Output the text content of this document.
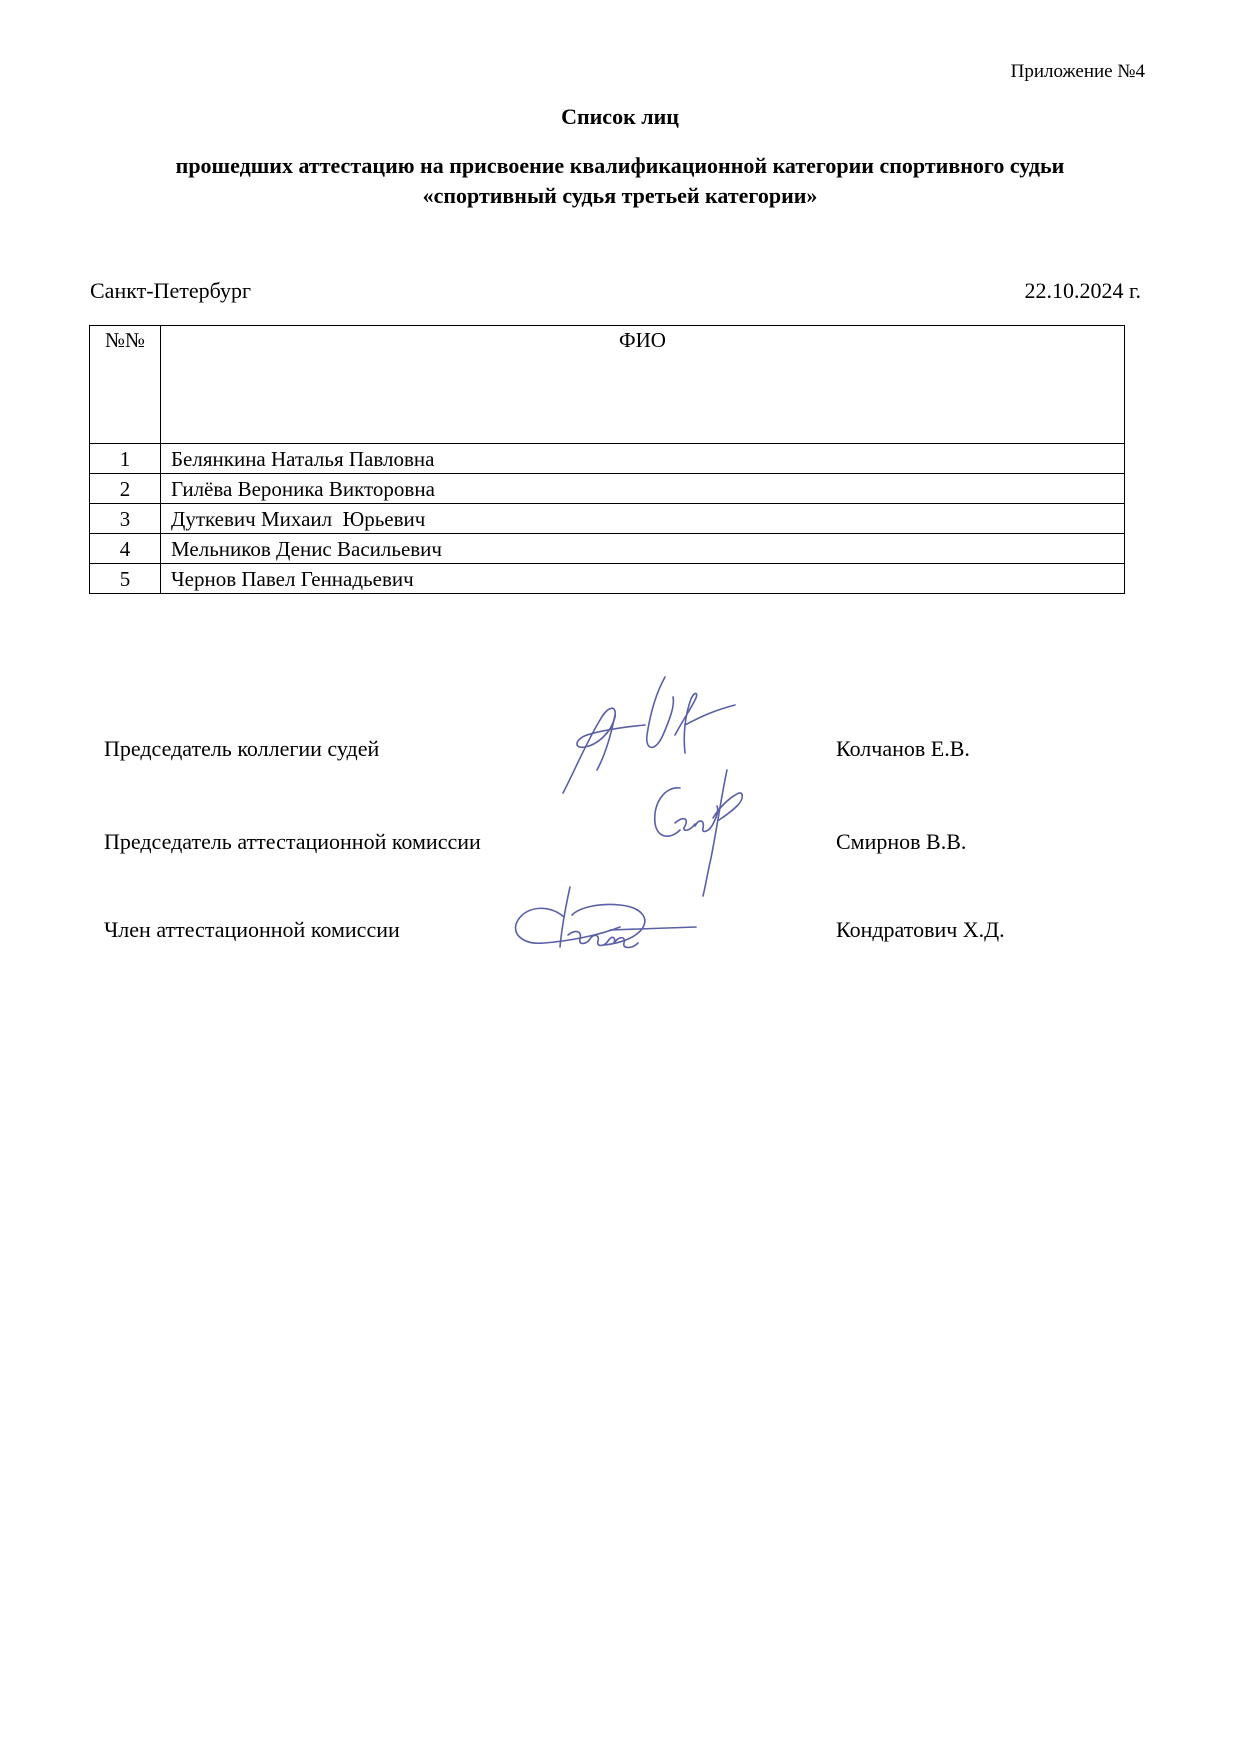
Приложение №4
Список лиц
прошедших аттестацию на присвоение квалификационной категории спортивного судьи
«спортивный судья третьей категории»
Санкт-Петербург	22.10.2024 г.
№№	ФИО
1	Белянкина Наталья Павловна
2	Гилёва Вероника Викторовна
3	Дуткевич Михаил  Юрьевич
4	Мельников Денис Васильевич
5	Чернов Павел Геннадьевич
Председатель коллегии судей	Колчанов Е.В.
Председатель аттестационной комиссии	Смирнов В.В.
Член аттестационной комиссии	Кондратович Х.Д.
